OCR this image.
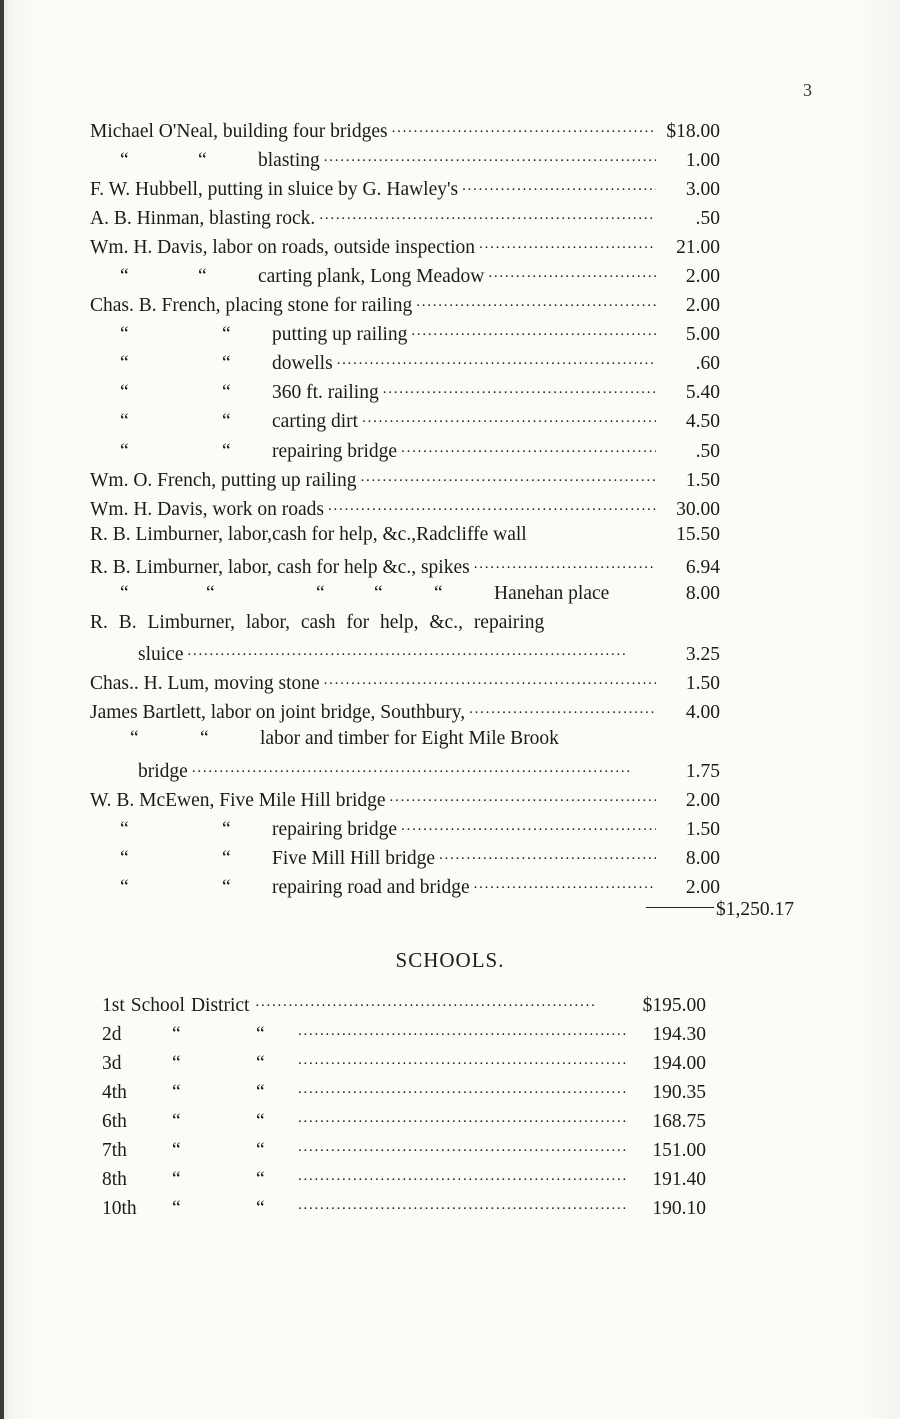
3
Michael O'Neal, building four bridges . . .	$18.00
“	“	blasting . . .	1.00
F. W. Hubbell, putting in sluice by G. Hawley's . . .	3.00
A. B. Hinman, blasting rock. . . .	.50
Wm. H. Davis, labor on roads, outside inspection . . .	21.00
“	“	carting plank, Long Meadow . . .	2.00
Chas. B. French, placing stone for railing . . .	2.00
“	“ putting up railing . . .	5.00
“	“ dowells . . .	.60
“	“ 360 ft. railing . . .	5.40
“	“ carting dirt . . .	4.50
“	“ repairing bridge . . .	.50
Wm. O. French, putting up railing . . .	1.50
Wm. H. Davis, work on roads . . .	30.00
R. B. Limburner, labor,cash for help, &c.,Radcliffe wall	15.50
R. B. Limburner, labor, cash for help &c., spikes . . .	6.94
“	“	“	“	“	Hanehan place	8.00
R. B. Limburner, labor, cash for help, &c., repairing
sluice . . .	3.25
Chas.. H. Lum, moving stone . . .	1.50
James Bartlett, labor on joint bridge, Southbury, . . .	4.00
“	“	labor and timber for Eight Mile Brook
bridge . . .	1.75
W. B. McEwen, Five Mile Hill bridge . . .	2.00
“	“ repairing bridge . . .	1.50
“	“ Five Mill Hill bridge . . .	8.00
“	“ repairing road and bridge . . .	2.00
$1,250.17
SCHOOLS.
1st School District . . .	$195.00
2d	“	“ . . .	194.30
3d	“	“ . . .	194.00
4th	“	“ . . .	190.35
6th	“	“ . . .	168.75
7th	“	“ . . .	151.00
8th	“	“ . . .	191.40
10th	“	“ . . .	190.10
